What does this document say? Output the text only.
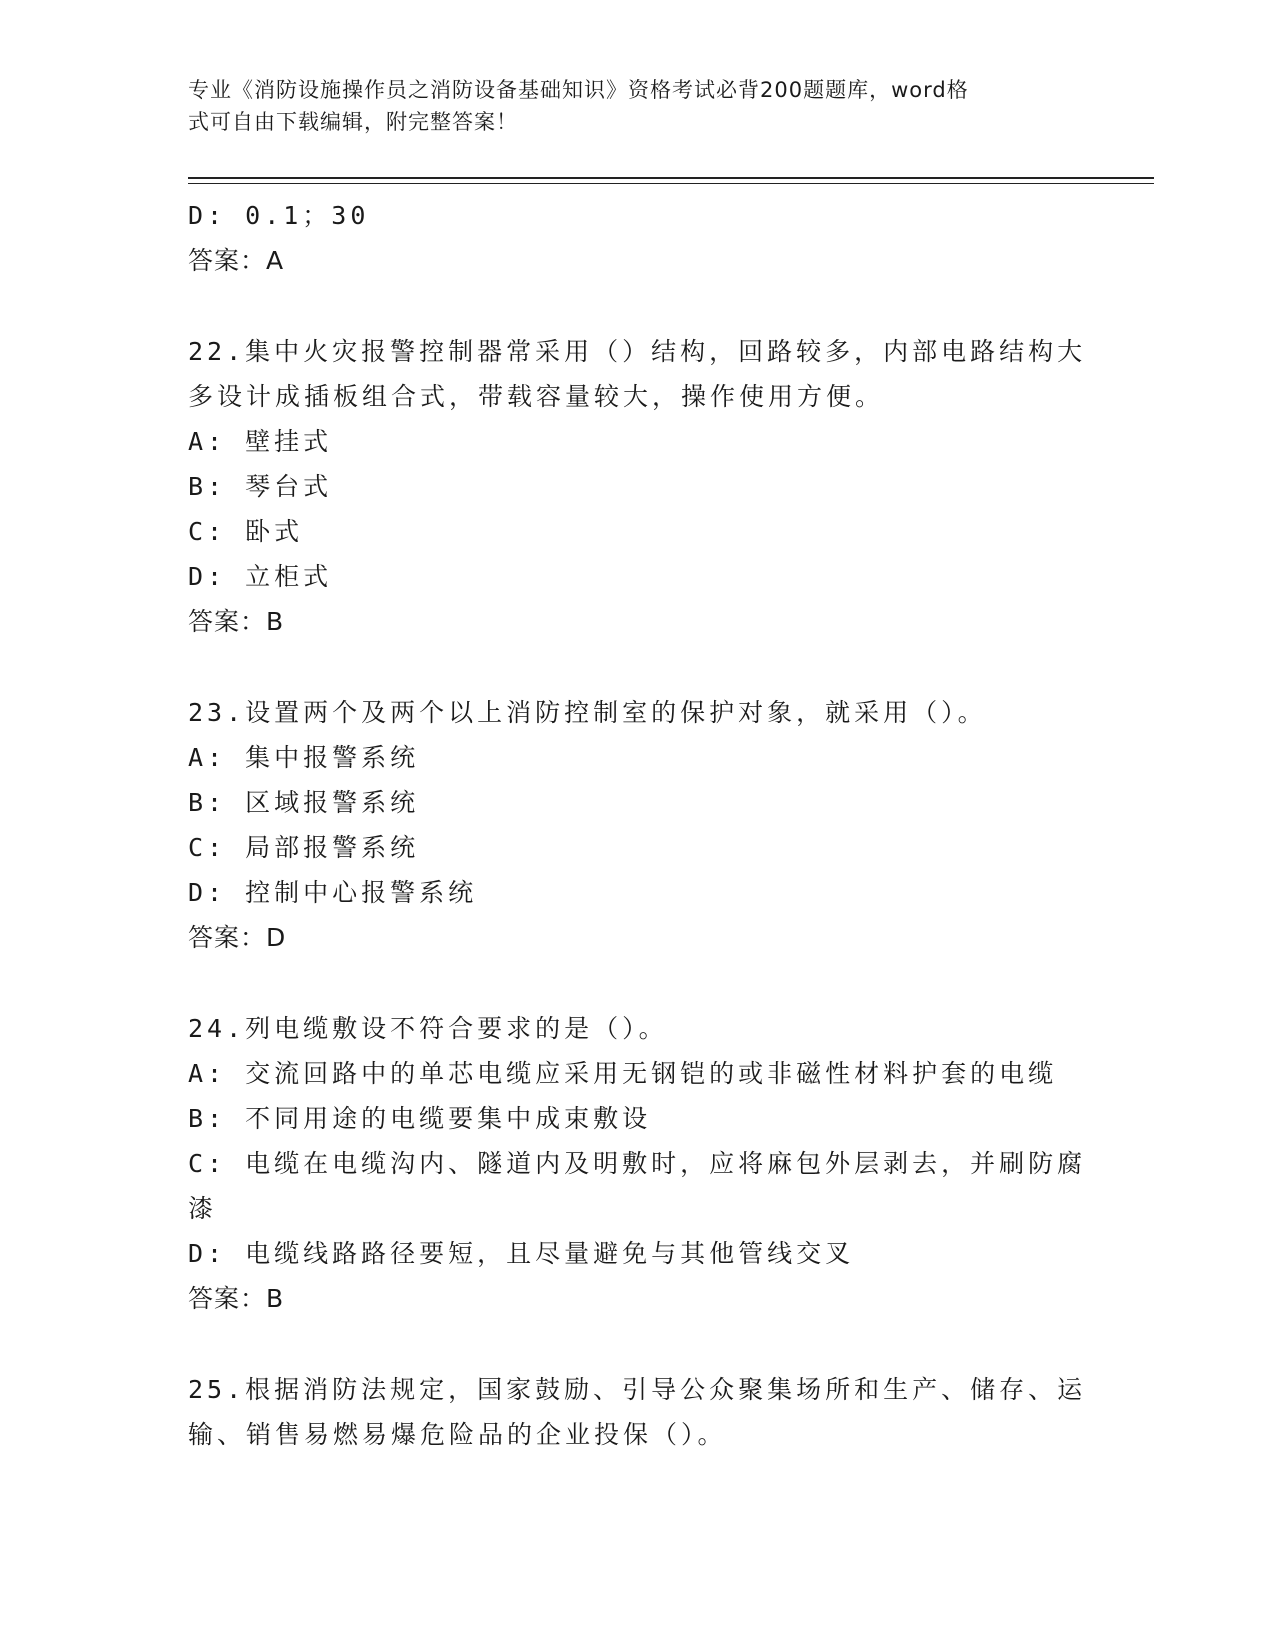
专业《消防设施操作员之消防设备基础知识》资格考试必背200题题库，word格
式可自由下载编辑，附完整答案！

D: 0.1；30

答案：A

22.集中火灾报警控制器常采用（）结构，回路较多，内部电路结构大

多设计成插板组合式，带载容量较大，操作使用方便。

A: 壁挂式

B: 琴台式

C: 卧式

D: 立柜式

答案：B

23.设置两个及两个以上消防控制室的保护对象，就采用（）。

A: 集中报警系统

B: 区域报警系统

C: 局部报警系统

D: 控制中心报警系统

答案：D

24.列电缆敷设不符合要求的是（）。

A: 交流回路中的单芯电缆应采用无钢铠的或非磁性材料护套的电缆

B: 不同用途的电缆要集中成束敷设

C: 电缆在电缆沟内、隧道内及明敷时，应将麻包外层剥去，并刷防腐

漆

D: 电缆线路路径要短，且尽量避免与其他管线交叉

答案：B

25.根据消防法规定，国家鼓励、引导公众聚集场所和生产、储存、运

输、销售易燃易爆危险品的企业投保（）。
